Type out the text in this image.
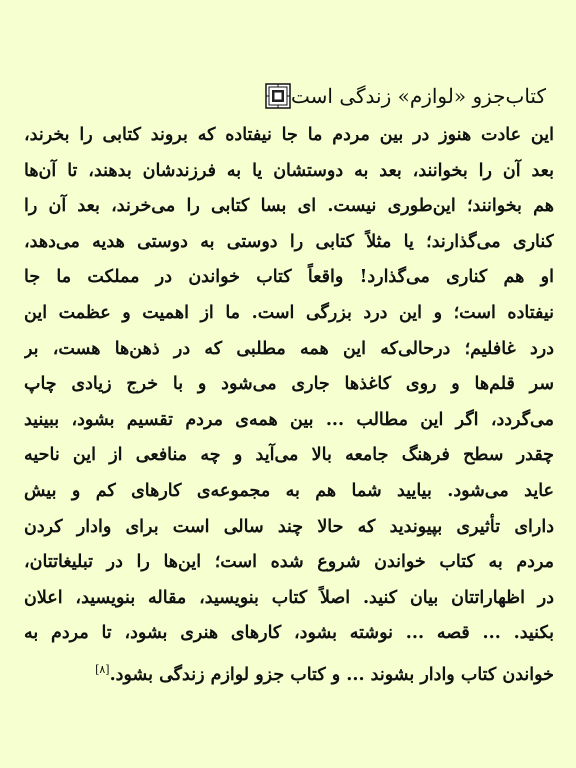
کتاب‌جزو «لوازم» زندگی است
این عادت هنوز در بین مردم ما جا نیفتاده که بروند کتابی را بخرند،
بعد آن را بخوانند، بعد به دوستشان یا به فرزندشان بدهند، تا آن‌ها
هم بخوانند؛ این‌طوری نیست. ای بسا کتابی را می‌خرند، بعد آن را
کناری می‌گذارند؛ یا مثلاً کتابی را دوستی به دوستی هدیه می‌دهد،
او هم کناری می‌گذارد! واقعاً کتاب خواندن در مملکت ما جا
نیفتاده است؛ و این درد بزرگی است. ما از اهمیت و عظمت این
درد غافلیم؛ درحالی‌که این همه مطلبی که در ذهن‌ها هست، بر
سر قلم‌ها و روی کاغذها جاری می‌شود و با خرج زیادی چاپ
می‌گردد، اگر این مطالب ... بین همه‌ی مردم تقسیم بشود، ببینید
چقدر سطح فرهنگ جامعه بالا می‌آید و چه منافعی از این ناحیه
عاید می‌شود. بیایید شما هم به مجموعه‌ی کارهای کم و بیش
دارای تأثیری بپیوندید که حالا چند سالی است برای وادار کردن
مردم به کتاب خواندن شروع شده است؛ این‌ها را در تبلیغاتتان،
در اظهاراتتان بیان کنید. اصلاً کتاب بنویسید، مقاله بنویسید، اعلان
بکنید. ... قصه ... نوشته بشود، کارهای هنری بشود، تا مردم به
خواندن کتاب وادار بشوند ... و کتاب جزو لوازم زندگی بشود.[۸]
